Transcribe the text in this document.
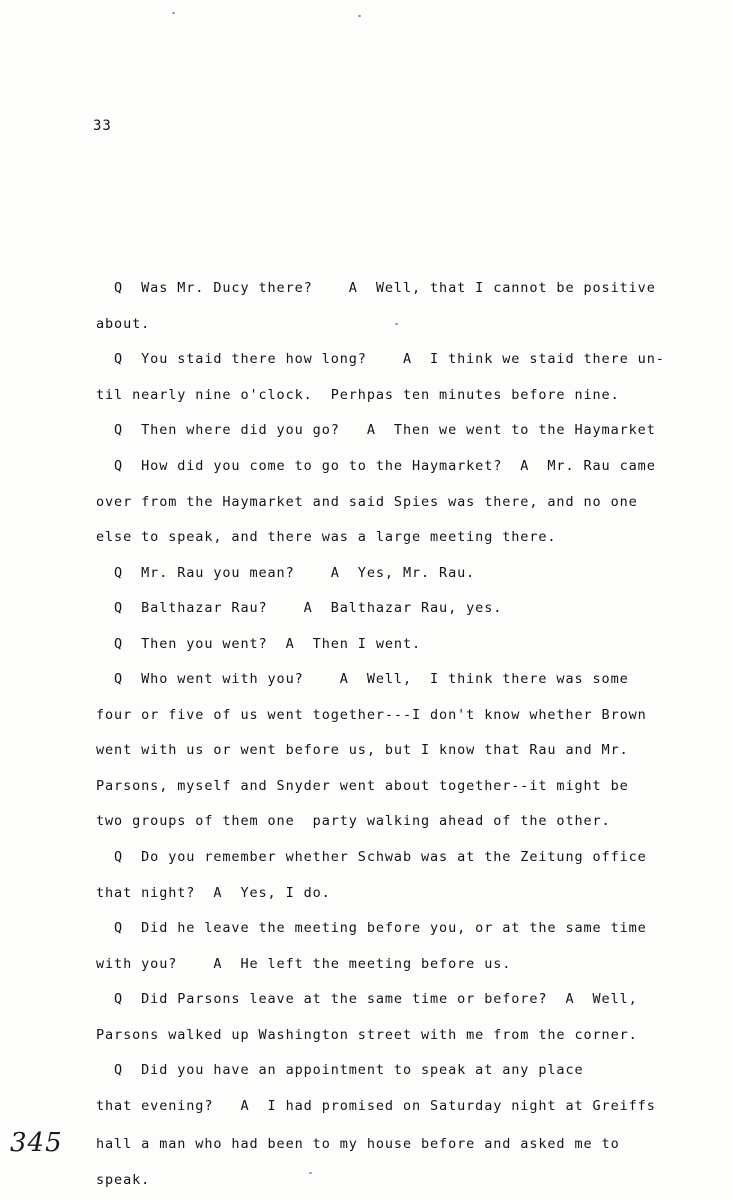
33
Q  Was Mr. Ducy there?    A  Well, that I cannot be positive
about.
Q  You staid there how long?    A  I think we staid there un-
til nearly nine o'clock.  Perhpas ten minutes before nine.
Q  Then where did you go?   A  Then we went to the Haymarket
Q  How did you come to go to the Haymarket?  A  Mr. Rau came
over from the Haymarket and said Spies was there, and no one
else to speak, and there was a large meeting there.
Q  Mr. Rau you mean?    A  Yes, Mr. Rau.
Q  Balthazar Rau?    A  Balthazar Rau, yes.
Q  Then you went?  A  Then I went.
Q  Who went with you?    A  Well,  I think there was some
four or five of us went together---I don't know whether Brown
went with us or went before us, but I know that Rau and Mr.
Parsons, myself and Snyder went about together--it might be
two groups of them one  party walking ahead of the other.
Q  Do you remember whether Schwab was at the Zeitung office
that night?  A  Yes, I do.
Q  Did he leave the meeting before you, or at the same time
with you?    A  He left the meeting before us.
Q  Did Parsons leave at the same time or before?  A  Well,
Parsons walked up Washington street with me from the corner.
Q  Did you have an appointment to speak at any place
that evening?   A  I had promised on Saturday night at Greiffs
hall a man who had been to my house before and asked me to
speak.
345
